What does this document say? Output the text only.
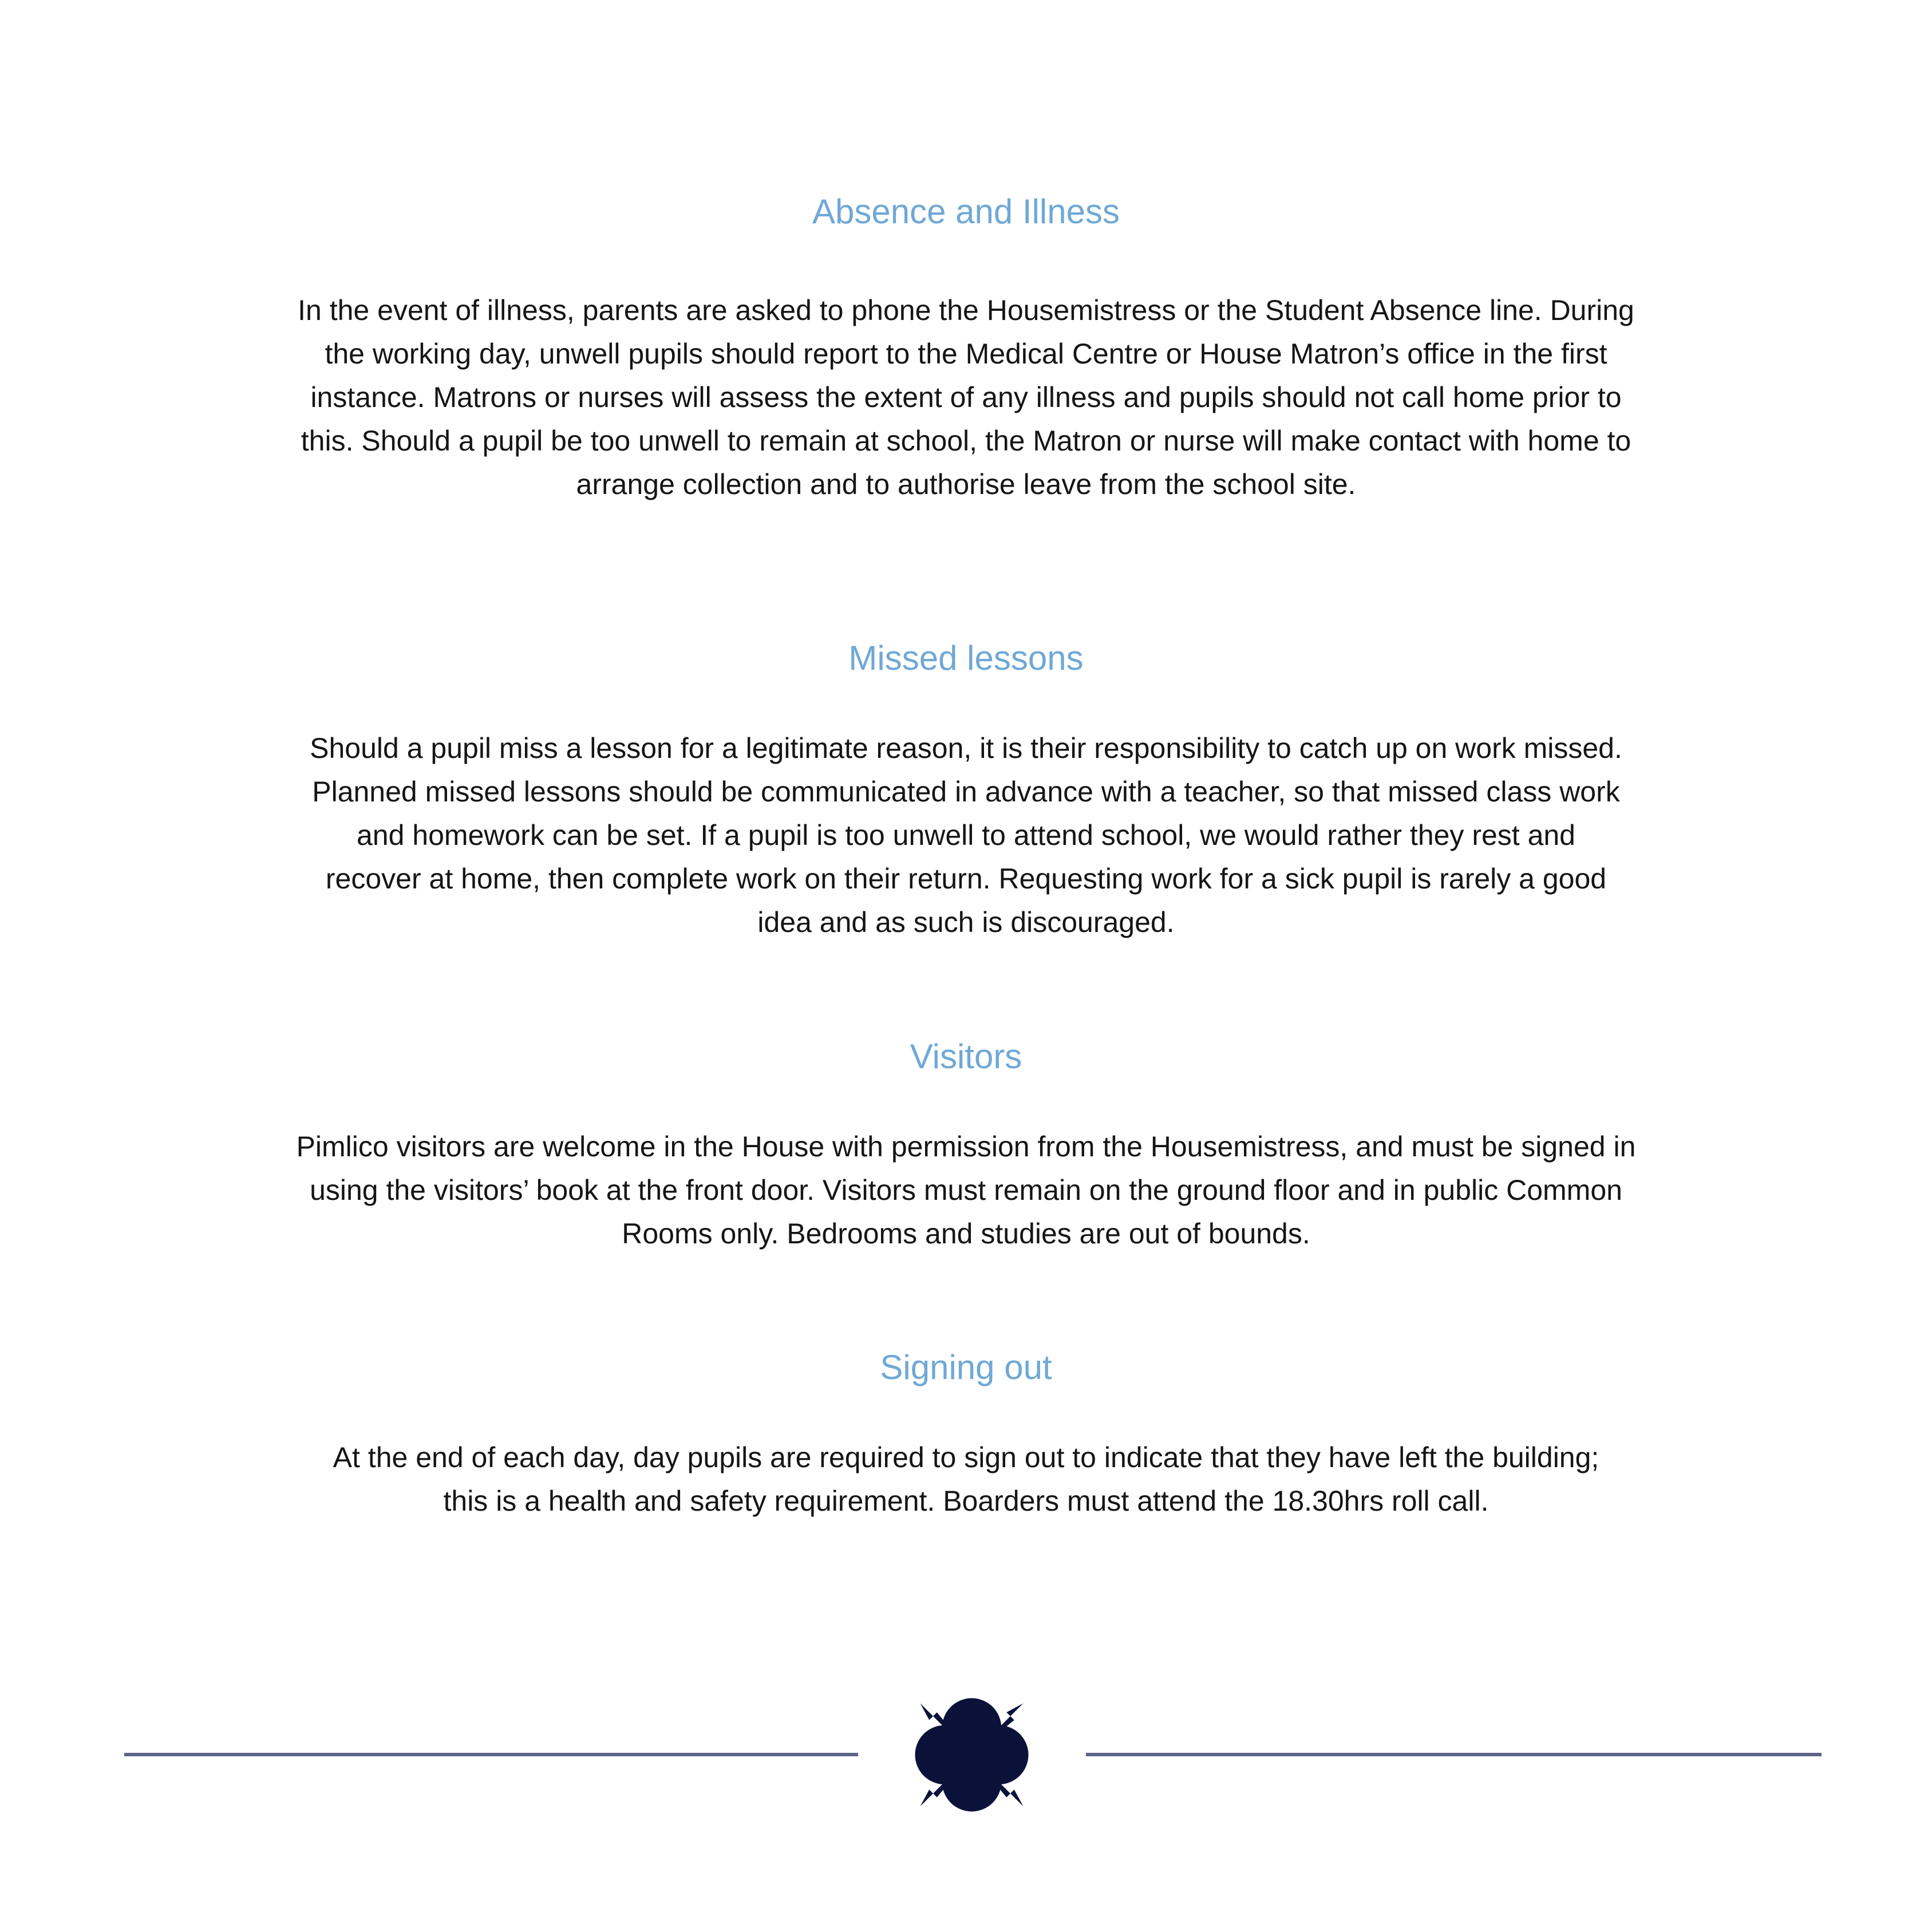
Absence and Illness

In the event of illness, parents are asked to phone the Housemistress or the Student Absence line. During the working day, unwell pupils should report to the Medical Centre or House Matron’s office in the first instance. Matrons or nurses will assess the extent of any illness and pupils should not call home prior to this. Should a pupil be too unwell to remain at school, the Matron or nurse will make contact with home to arrange collection and to authorise leave from the school site.

Missed lessons

Should a pupil miss a lesson for a legitimate reason, it is their responsibility to catch up on work missed. Planned missed lessons should be communicated in advance with a teacher, so that missed class work and homework can be set. If a pupil is too unwell to attend school, we would rather they rest and recover at home, then complete work on their return. Requesting work for a sick pupil is rarely a good idea and as such is discouraged.

Visitors

Pimlico visitors are welcome in the House with permission from the Housemistress, and must be signed in using the visitors’ book at the front door. Visitors must remain on the ground floor and in public Common Rooms only. Bedrooms and studies are out of bounds.

Signing out

At the end of each day, day pupils are required to sign out to indicate that they have left the building; this is a health and safety requirement. Boarders must attend the 18.30hrs roll call.
